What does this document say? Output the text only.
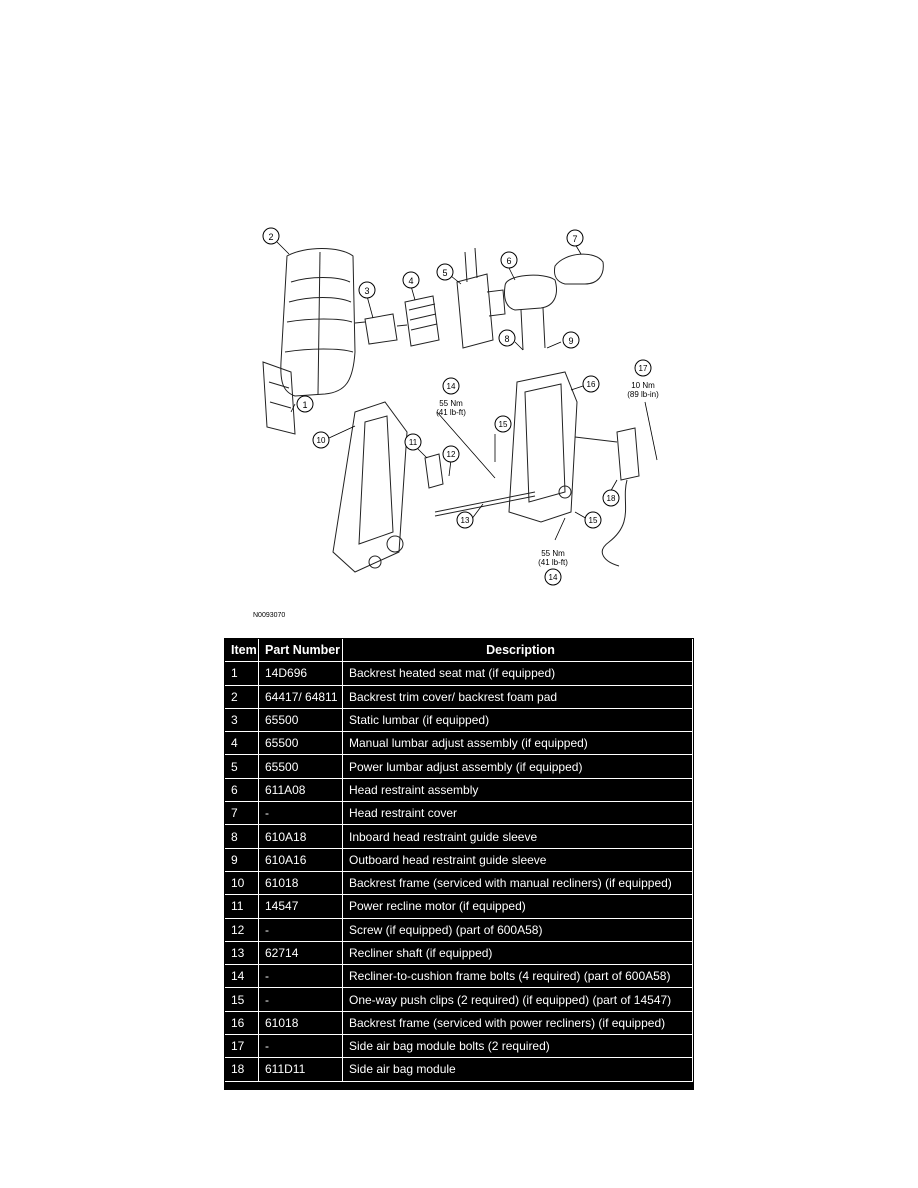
1
2
3
4
5
6
7
8	9
10	11
12
13
15
15
16
17
18
14
55 Nm
(41 lb-ft)
55 Nm
(41 lb-ft)
14
10 Nm
(89 lb-in)
N0093070
Item	Part Number	Description
1	14D696	Backrest heated seat mat (if equipped)
2	64417/ 64811	Backrest trim cover/ backrest foam pad
3	65500	Static lumbar (if equipped)
4	65500	Manual lumbar adjust assembly (if equipped)
5	65500	Power lumbar adjust assembly (if equipped)
6	611A08	Head restraint assembly
7	-	Head restraint cover
8	610A18	Inboard head restraint guide sleeve
9	610A16	Outboard head restraint guide sleeve
10	61018	Backrest frame (serviced with manual recliners) (if equipped)
11	14547	Power recline motor (if equipped)
12	-	Screw (if equipped) (part of 600A58)
13	62714	Recliner shaft (if equipped)
14	-	Recliner-to-cushion frame bolts (4 required) (part of 600A58)
15	-	One-way push clips (2 required) (if equipped) (part of 14547)
16	61018	Backrest frame (serviced with power recliners) (if equipped)
17	-	Side air bag module bolts (2 required)
18	611D11	Side air bag module
